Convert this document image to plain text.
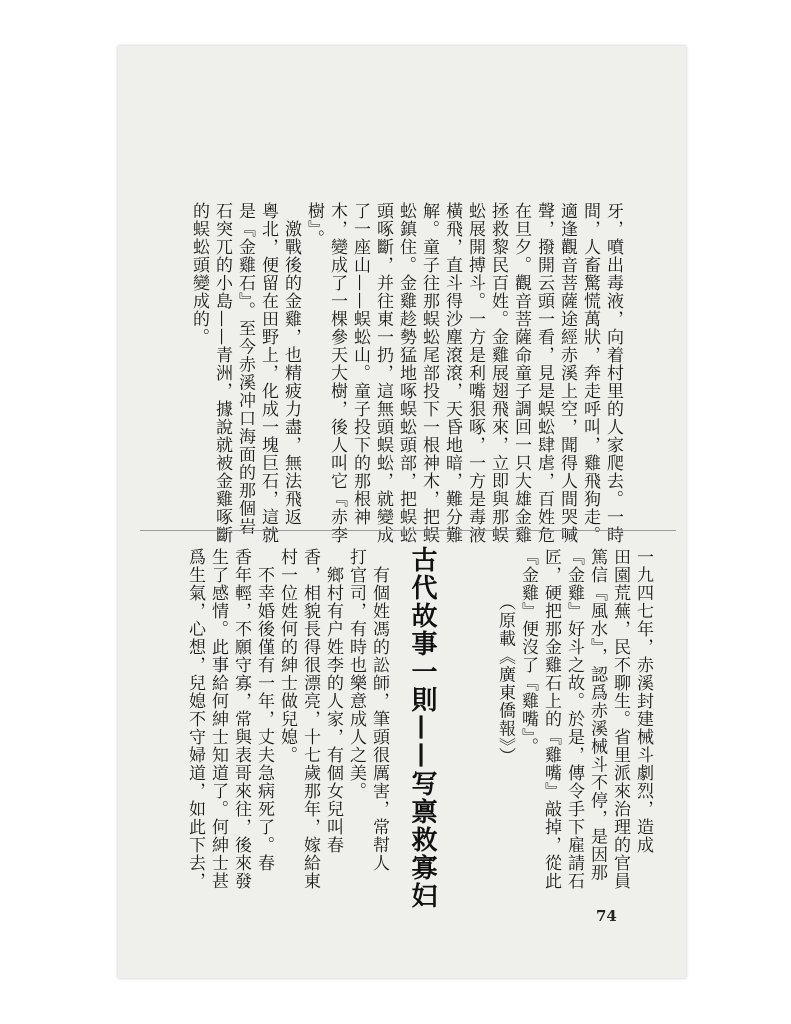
牙，噴出毒液，向着村里的人家爬去。一時
間，人畜驚慌萬狀，奔走呼叫，雞飛狗走。
適逢觀音菩薩途經赤溪上空，聞得人間哭喊
聲，撥開云頭一看，見是蜈蚣肆虐，百姓危
在旦夕。觀音菩薩命童子調回一只大雄金雞
拯救黎民百姓。金雞展翅飛來，立即與那蜈
蚣展開搏斗。一方是利嘴狠啄，一方是毒液
橫飛，直斗得沙塵滾滾，天昏地暗，難分難
解。童子往那蜈蚣尾部投下一根神木，把蜈
蚣鎮住。金雞趁勢猛地啄蜈蚣頭部，把蜈蚣
頭啄斷，并往東一扔，這無頭蜈蚣，就變成
了一座山——蜈蚣山。童子投下的那根神
木，變成了一棵參天大樹，後人叫它『赤李
樹』。
　激戰後的金雞，也精疲力盡，無法飛返
粵北，便留在田野上，化成一塊巨石，這就
是『金雞石』。至今赤溪冲口海面的那個岩
石突兀的小島——青洲，據說就被金雞啄斷
的蜈蚣頭變成的。
一九四七年，赤溪封建械斗劇烈，造成
田園荒蕪，民不聊生。省里派來治理的官員
篤信『風水』，認爲赤溪械斗不停，是因那
『金雞』好斗之故。於是，傳令手下雇請石
匠，硬把那金雞石上的『雞嘴』敲掉，從此
『金雞』便沒了『雞嘴』。
　　　（原載《廣東僑報》）
古代故事一則——写禀救寡妇
　有個姓馮的訟師，筆頭很厲害，常幇人
打官司，有時也樂意成人之美。
　鄉村有户姓李的人家，有個女兒叫春
香，相貌長得很漂亮，十七歲那年，嫁給東
村一位姓何的紳士做兒媳。
　不幸婚後僅有一年，丈夫急病死了。春
香年輕，不願守寡，常與表哥來往，後來發
生了感情。此事給何紳士知道了。何紳士甚
爲生氣，心想，兒媳不守婦道，如此下去，
74
